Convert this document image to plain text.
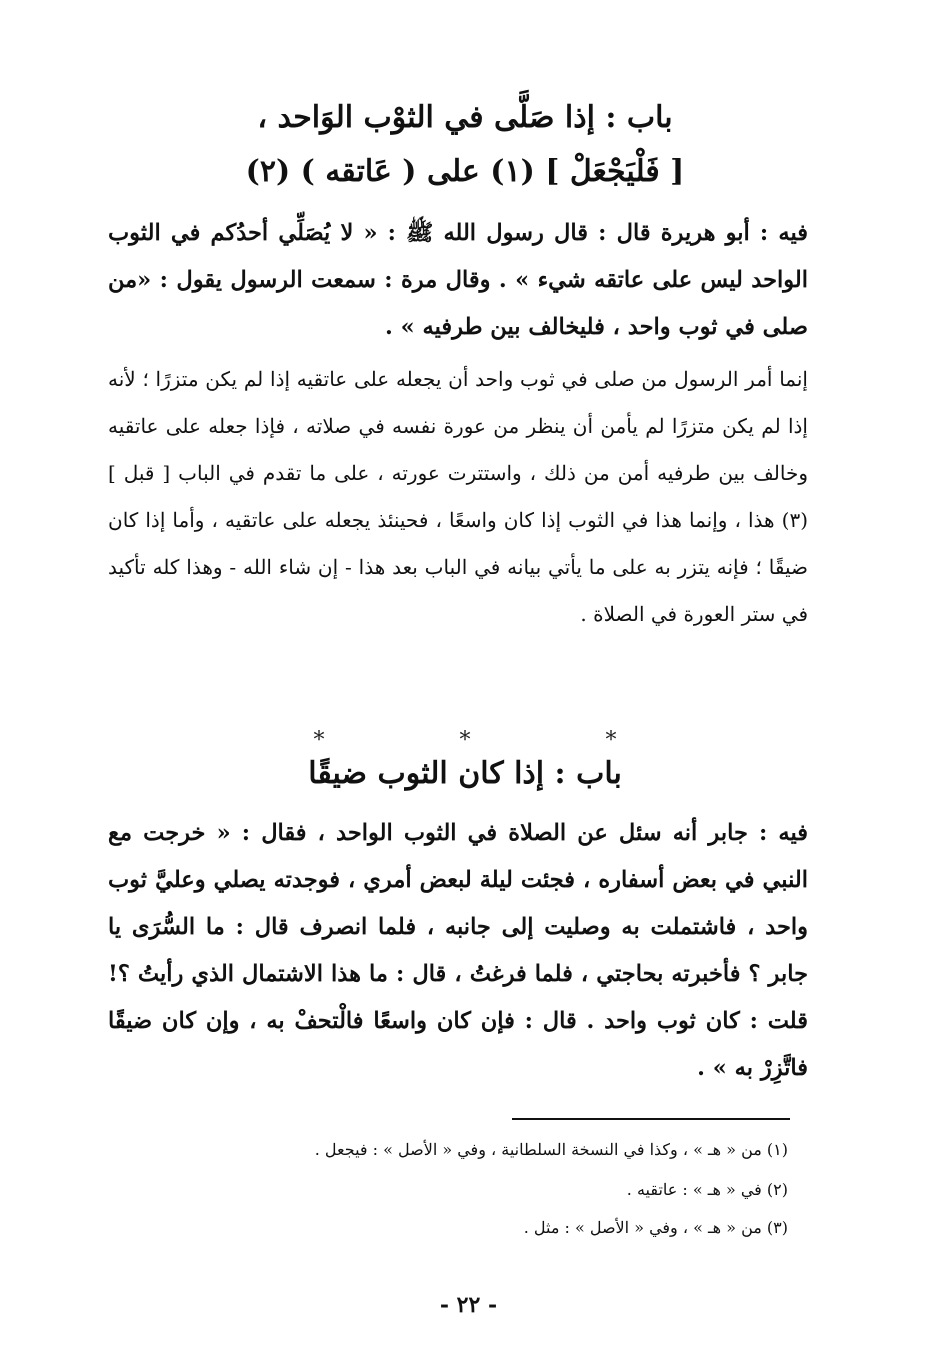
باب : إذا صَلَّى في الثوْب الوَاحد ،
[ فَلْيَجْعَلْ ] (١) على ( عَاتقه ) (٢)

فيه : أبو هريرة قال : قال رسول الله ﷺ : « لا يُصَلِّي أحدُكم في الثوب الواحد ليس على عاتقه شيء » . وقال مرة : سمعت الرسول يقول : «من صلى في ثوب واحد ، فليخالف بين طرفيه » .

إنما أمر الرسول من صلى في ثوب واحد أن يجعله على عاتقيه إذا لم يكن متزرًا ؛ لأنه إذا لم يكن متزرًا لم يأمن أن ينظر من عورة نفسه في صلاته ، فإذا جعله على عاتقيه وخالف بين طرفيه أمن من ذلك ، واستترت عورته ، على ما تقدم في الباب [ قبل ] (٣) هذا ، وإنما هذا في الثوب إذا كان واسعًا ، فحينئذ يجعله على عاتقيه ، وأما إذا كان ضيقًا ؛ فإنه يتزر به على ما يأتي بيانه في الباب بعد هذا - إن شاء الله - وهذا كله تأكيد في ستر العورة في الصلاة .

* * *
باب : إذا كان الثوب ضيقًا

فيه : جابر أنه سئل عن الصلاة في الثوب الواحد ، فقال : « خرجت مع النبي في بعض أسفاره ، فجئت ليلة لبعض أمري ، فوجدته يصلي وعليَّ ثوب واحد ، فاشتملت به وصليت إلى جانبه ، فلما انصرف قال : ما السُّرَى يا جابر ؟ فأخبرته بحاجتي ، فلما فرغتُ ، قال : ما هذا الاشتمال الذي رأيتُ ؟! قلت : كان ثوب واحد . قال : فإن كان واسعًا فالْتحفْ به ، وإن كان ضيقًا فاتَّزِرْ به » .

(١) من « هـ » ، وكذا في النسخة السلطانية ، وفي « الأصل » : فيجعل .
(٢) في « هـ » : عاتقيه .
(٣) من « هـ » ، وفي « الأصل » : مثل .
- ٢٢ -
